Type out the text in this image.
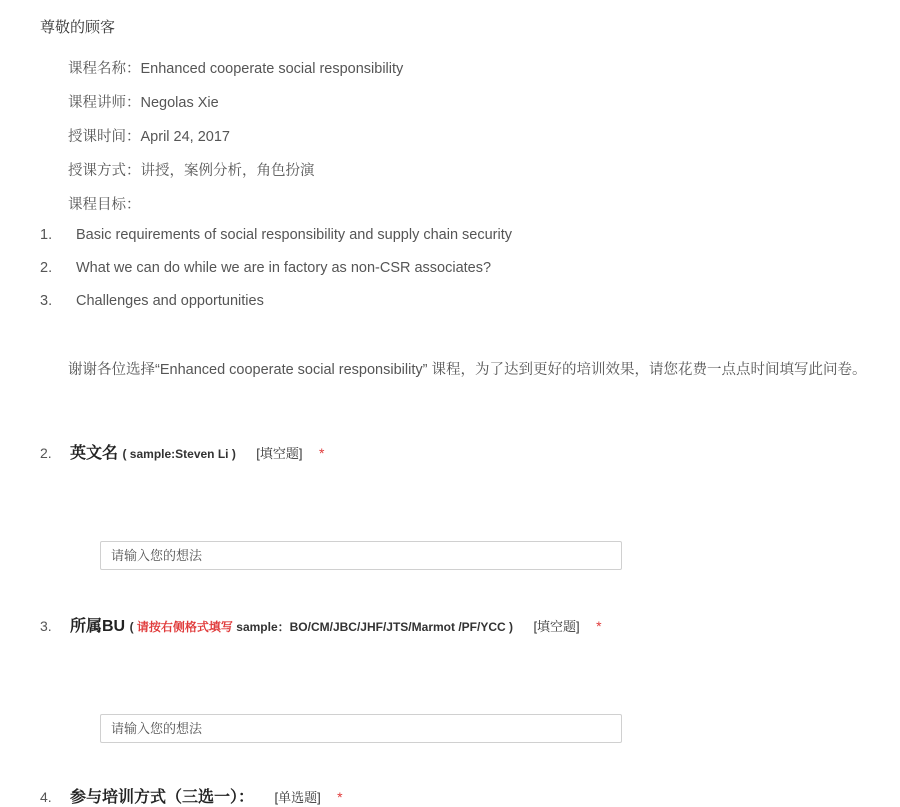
尊敬的顾客
课程名称：Enhanced cooperate social responsibility
课程讲师：Negolas Xie
授课时间：April 24, 2017
授课方式：讲授，案例分析，角色扮演
课程目标：
1. Basic requirements of social responsibility and supply chain security
2. What we can do while we are in factory as non-CSR associates?
3. Challenges and opportunities
谢谢各位选择“Enhanced cooperate social responsibility” 课程，为了达到更好的培训效果，请您花费一点点时间填写此问卷。
2. 英文名 ( sample:Steven Li ) [填空题] *
请输入您的想法
3. 所属BU ( 请按右侧格式填写 sample：BO/CM/JBC/JHF/JTS/Marmot /PF/YCC ) [填空题] *
请输入您的想法
4. 参与培训方式（三选一）： [单选题] *
